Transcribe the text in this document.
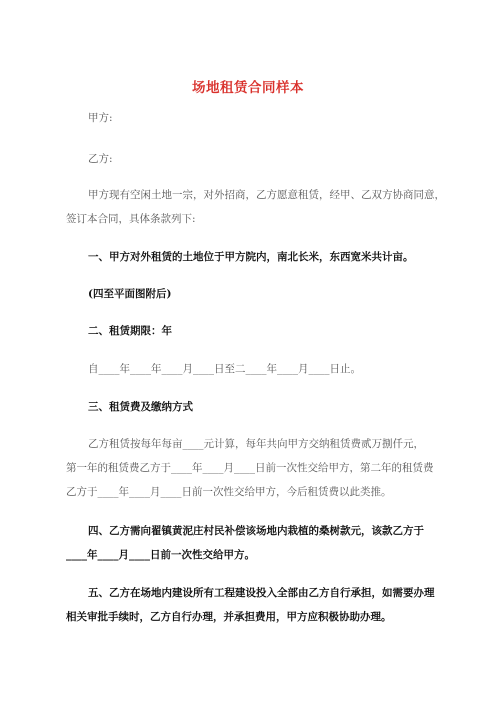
场地租赁合同样本
甲方:
乙方:
甲方现有空闲土地一宗，对外招商，乙方愿意租赁，经甲、乙双方协商同意，
签订本合同，具体条款列下:
一、甲方对外租赁的土地位于甲方院内，南北长米，东西宽米共计亩。
(四至平面图附后)
二、租赁期限：年
自____年____年____月____日至二____年____月____日止。
三、租赁费及缴纳方式
乙方租赁按每年每亩____元计算，每年共向甲方交纳租赁费贰万捌仟元，
第一年的租赁费乙方于____年____月____日前一次性交给甲方，第二年的租赁费
乙方于____年____月____日前一次性交给甲方，今后租赁费以此类推。
四、乙方需向翟镇黄泥庄村民补偿该场地内栽植的桑树款元，该款乙方于
____年____月____日前一次性交给甲方。
五、乙方在场地内建设所有工程建设投入全部由乙方自行承担，如需要办理
相关审批手续时，乙方自行办理，并承担费用，甲方应积极协助办理。
